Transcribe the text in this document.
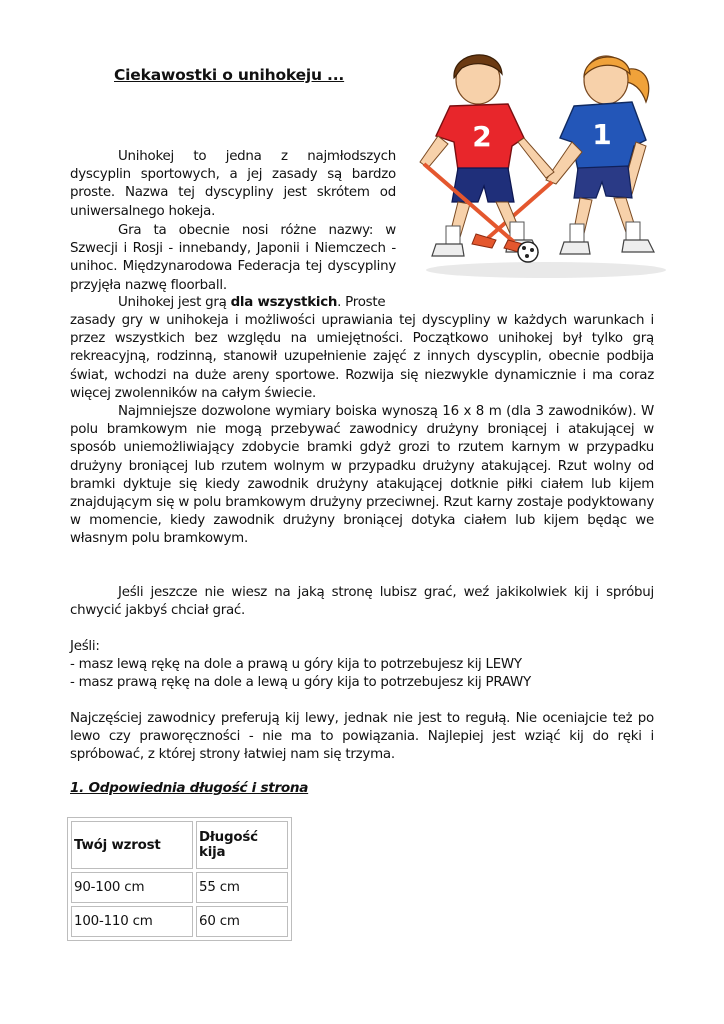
Ciekawostki o unihokeju ...
1
2

Unihokej to jedna z najmłodszych dyscyplin sportowych, a jej zasady są bardzo proste. Nazwa tej dyscypliny jest skrótem od uniwersalnego hokeja.

Gra ta obecnie nosi różne nazwy: w Szwecji i Rosji - innebandy, Japonii i Niemczech - unihoc. Międzynarodowa Federacja tej dyscypliny przyjęła nazwę floorball.

Unihokej jest grą dla wszystkich. Proste

zasady gry w unihokeja i możliwości uprawiania tej dyscypliny w każdych warunkach i przez wszystkich bez względu na umiejętności. Początkowo unihokej był tylko grą rekreacyjną, rodzinną, stanowił uzupełnienie zajęć z innych dyscyplin, obecnie podbija świat, wchodzi na duże areny sportowe. Rozwija się niezwykle dynamicznie i ma coraz więcej zwolenników na całym świecie.

Najmniejsze dozwolone wymiary boiska wynoszą 16 x 8 m (dla 3 zawodników). W polu bramkowym nie mogą przebywać zawodnicy drużyny broniącej i atakującej w sposób uniemożliwiający zdobycie bramki gdyż grozi to rzutem karnym w przypadku drużyny broniącej lub rzutem wolnym w przypadku drużyny atakującej. Rzut wolny od bramki dyktuje się kiedy zawodnik drużyny atakującej dotknie piłki ciałem lub kijem znajdującym się w polu bramkowym drużyny przeciwnej. Rzut karny zostaje podyktowany w momencie, kiedy zawodnik drużyny broniącej dotyka ciałem lub kijem będąc we własnym polu bramkowym.

Jeśli jeszcze nie wiesz na jaką stronę lubisz grać, weź jakikolwiek kij i spróbuj chwycić jakbyś chciał grać.

Jeśli:
- masz lewą rękę na dole a prawą u góry kija to potrzebujesz kij LEWY
- masz prawą rękę na dole a lewą u góry kija to potrzebujesz kij PRAWY

Najczęściej zawodnicy preferują kij lewy, jednak nie jest to regułą. Nie oceniajcie też po lewo czy praworęczności - nie ma to powiązania. Najlepiej jest wziąć kij do ręki i spróbować, z której strony łatwiej nam się trzyma.

1. Odpowiednia długość i strona
Twój wzrost	Długość kija
90-100 cm	55 cm
100-110 cm	60 cm
